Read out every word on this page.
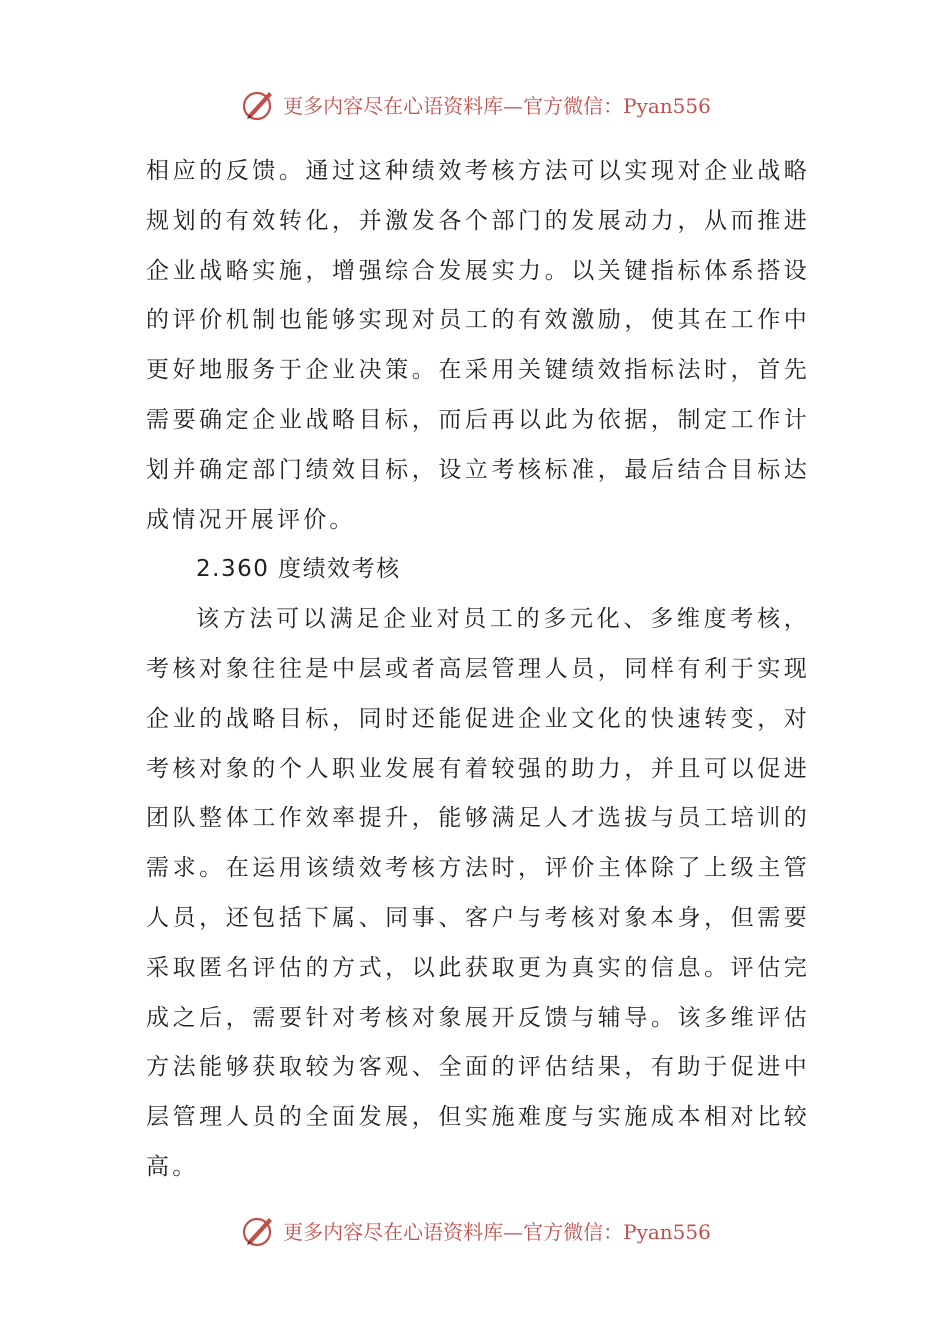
更多内容尽在心语资料库—官方微信：Pyan556

相应的反馈。通过这种绩效考核方法可以实现对企业战略规划的有效转化，并激发各个部门的发展动力，从而推进企业战略实施，增强综合发展实力。以关键指标体系搭设的评价机制也能够实现对员工的有效激励，使其在工作中更好地服务于企业决策。在采用关键绩效指标法时，首先需要确定企业战略目标，而后再以此为依据，制定工作计划并确定部门绩效目标，设立考核标准，最后结合目标达成情况开展评价。

2.360 度绩效考核

该方法可以满足企业对员工的多元化、多维度考核，考核对象往往是中层或者高层管理人员，同样有利于实现企业的战略目标，同时还能促进企业文化的快速转变，对考核对象的个人职业发展有着较强的助力，并且可以促进团队整体工作效率提升，能够满足人才选拔与员工培训的需求。在运用该绩效考核方法时，评价主体除了上级主管人员，还包括下属、同事、客户与考核对象本身，但需要采取匿名评估的方式，以此获取更为真实的信息。评估完成之后，需要针对考核对象展开反馈与辅导。该多维评估方法能够获取较为客观、全面的评估结果，有助于促进中层管理人员的全面发展，但实施难度与实施成本相对比较高。

更多内容尽在心语资料库—官方微信：Pyan556
